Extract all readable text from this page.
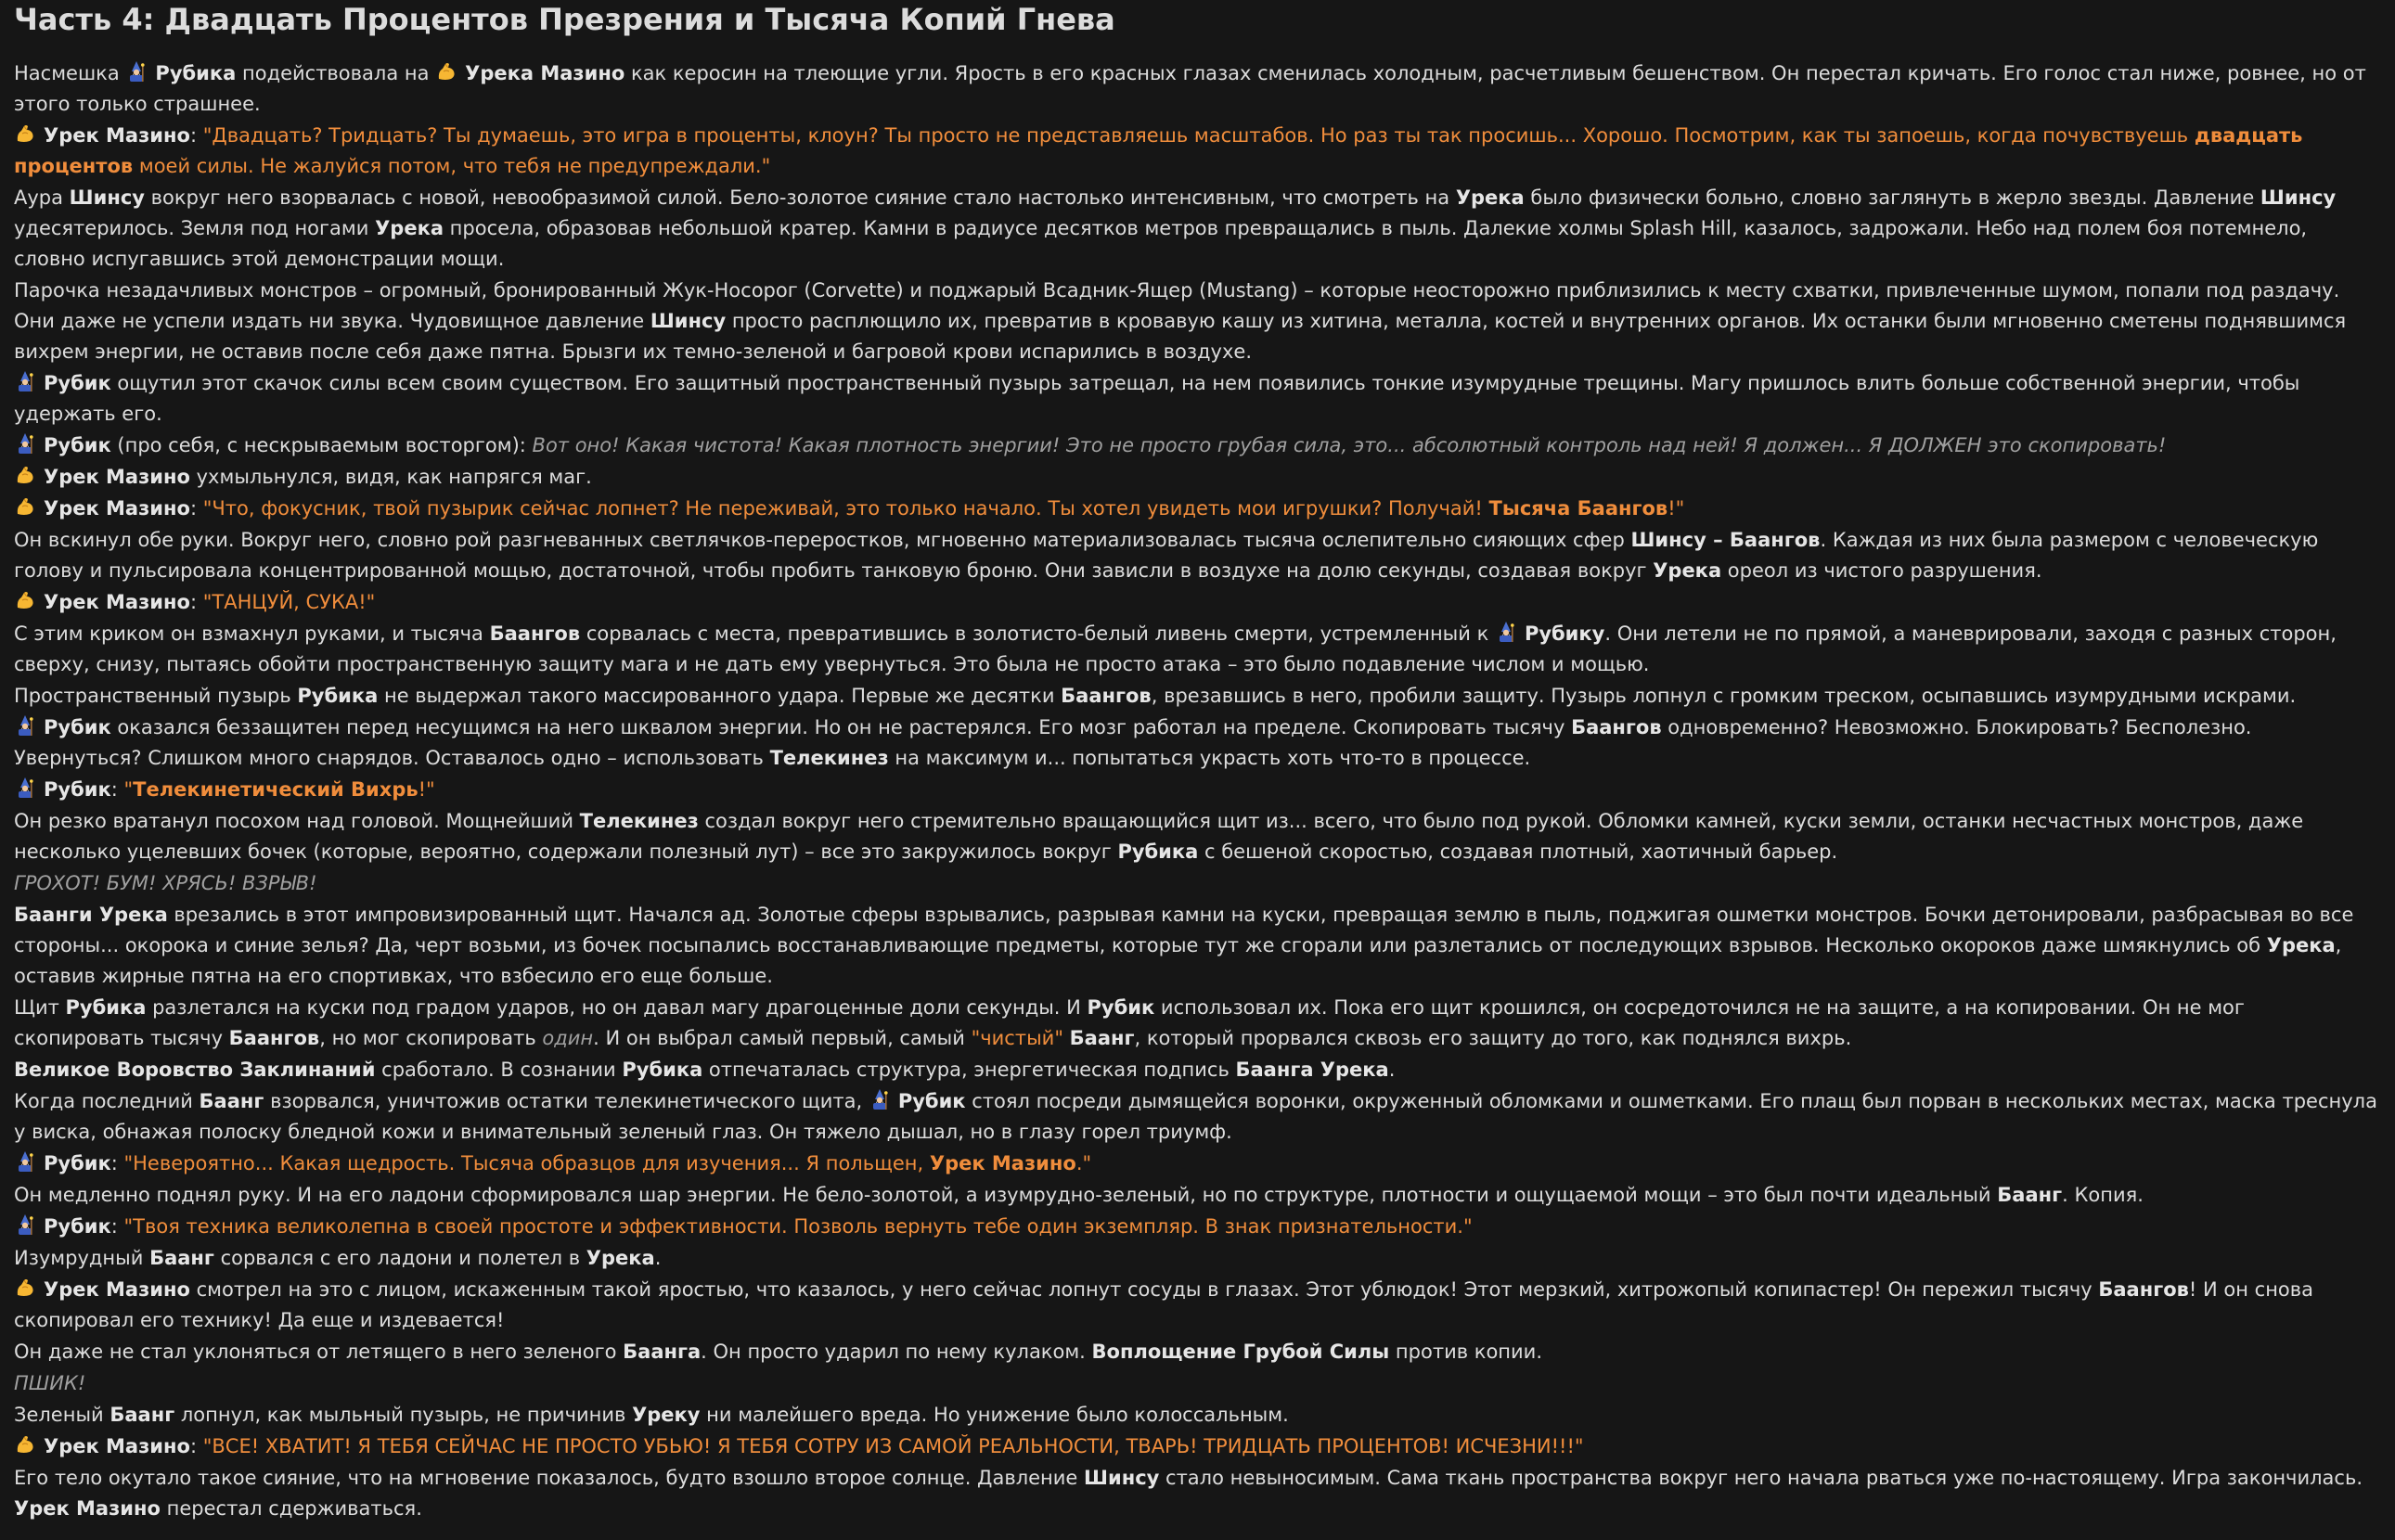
Часть 4: Двадцать Процентов Презрения и Тысяча Копий Гнева

Насмешка
Рубика подействовала на
Урека Мазино как керосин на тлеющие угли. Ярость в его красных глазах сменилась холодным, расчетливым бешенством. Он перестал кричать. Его голос стал ниже, ровнее, но от этого только страшнее.

Урек Мазино: "Двадцать? Тридцать? Ты думаешь, это игра в проценты, клоун? Ты просто не представляешь масштабов. Но раз ты так просишь... Хорошо. Посмотрим, как ты запоешь, когда почувствуешь двадцать процентов моей силы. Не жалуйся потом, что тебя не предупреждали."

Аура Шинсу вокруг него взорвалась с новой, невообразимой силой. Бело-золотое сияние стало настолько интенсивным, что смотреть на Урека было физически больно, словно заглянуть в жерло звезды. Давление Шинсу удесятерилось. Земля под ногами Урека просела, образовав небольшой кратер. Камни в радиусе десятков метров превращались в пыль. Далекие холмы Splash Hill, казалось, задрожали. Небо над полем боя потемнело, словно испугавшись этой демонстрации мощи.

Парочка незадачливых монстров – огромный, бронированный Жук-Носорог (Corvette) и поджарый Всадник-Ящер (Mustang) – которые неосторожно приблизились к месту схватки, привлеченные шумом, попали под раздачу. Они даже не успели издать ни звука. Чудовищное давление Шинсу просто расплющило их, превратив в кровавую кашу из хитина, металла, костей и внутренних органов. Их останки были мгновенно сметены поднявшимся вихрем энергии, не оставив после себя даже пятна. Брызги их темно-зеленой и багровой крови испарились в воздухе.

Рубик ощутил этот скачок силы всем своим существом. Его защитный пространственный пузырь затрещал, на нем появились тонкие изумрудные трещины. Магу пришлось влить больше собственной энергии, чтобы удержать его.

Рубик (про себя, с нескрываемым восторгом): Вот оно! Какая чистота! Какая плотность энергии! Это не просто грубая сила, это... абсолютный контроль над ней! Я должен... Я ДОЛЖЕН это скопировать!

Урек Мазино ухмыльнулся, видя, как напрягся маг.

Урек Мазино: "Что, фокусник, твой пузырик сейчас лопнет? Не переживай, это только начало. Ты хотел увидеть мои игрушки? Получай! Тысяча Баангов!"

Он вскинул обе руки. Вокруг него, словно рой разгневанных светлячков-переростков, мгновенно материализовалась тысяча ослепительно сияющих сфер Шинсу – Баангов. Каждая из них была размером с человеческую голову и пульсировала концентрированной мощью, достаточной, чтобы пробить танковую броню. Они зависли в воздухе на долю секунды, создавая вокруг Урека ореол из чистого разрушения.

Урек Мазино: "ТАНЦУЙ, СУКА!"

С этим криком он взмахнул руками, и тысяча Баангов сорвалась с места, превратившись в золотисто-белый ливень смерти, устремленный к
Рубику. Они летели не по прямой, а маневрировали, заходя с разных сторон, сверху, снизу, пытаясь обойти пространственную защиту мага и не дать ему увернуться. Это была не просто атака – это было подавление числом и мощью.

Пространственный пузырь Рубика не выдержал такого массированного удара. Первые же десятки Баангов, врезавшись в него, пробили защиту. Пузырь лопнул с громким треском, осыпавшись изумрудными искрами.

Рубик оказался беззащитен перед несущимся на него шквалом энергии. Но он не растерялся. Его мозг работал на пределе. Скопировать тысячу Баангов одновременно? Невозможно. Блокировать? Бесполезно. Увернуться? Слишком много снарядов. Оставалось одно – использовать Телекинез на максимум и... попытаться украсть хоть что-то в процессе.

Рубик: "Телекинетический Вихрь!"

Он резко вратанул посохом над головой. Мощнейший Телекинез создал вокруг него стремительно вращающийся щит из... всего, что было под рукой. Обломки камней, куски земли, останки несчастных монстров, даже несколько уцелевших бочек (которые, вероятно, содержали полезный лут) – все это закружилось вокруг Рубика с бешеной скоростью, создавая плотный, хаотичный барьер.

ГРОХОТ! БУМ! ХРЯСЬ! ВЗРЫВ!

Бaанги Урека врезались в этот импровизированный щит. Начался ад. Золотые сферы взрывались, разрывая камни на куски, превращая землю в пыль, поджигая ошметки монстров. Бочки детонировали, разбрасывая во все стороны... окорока и синие зелья? Да, черт возьми, из бочек посыпались восстанавливающие предметы, которые тут же сгорали или разлетались от последующих взрывов. Несколько окороков даже шмякнулись об Урека, оставив жирные пятна на его спортивках, что взбесило его еще больше.

Щит Рубика разлетался на куски под градом ударов, но он давал магу драгоценные доли секунды. И Рубик использовал их. Пока его щит крошился, он сосредоточился не на защите, а на копировании. Он не мог скопировать тысячу Баангов, но мог скопировать один. И он выбрал самый первый, самый "чистый" Баанг, который прорвался сквозь его защиту до того, как поднялся вихрь.

Великое Воровство Заклинаний сработало. В сознании Рубика отпечаталась структура, энергетическая подпись Баанга Урека.

Когда последний Баанг взорвался, уничтожив остатки телекинетического щита,
Рубик стоял посреди дымящейся воронки, окруженный обломками и ошметками. Его плащ был порван в нескольких местах, маска треснула у виска, обнажая полоску бледной кожи и внимательный зеленый глаз. Он тяжело дышал, но в глазу горел триумф.

Рубик: "Невероятно... Какая щедрость. Тысяча образцов для изучения... Я польщен, Урек Мазино."

Он медленно поднял руку. И на его ладони сформировался шар энергии. Не бело-золотой, а изумрудно-зеленый, но по структуре, плотности и ощущаемой мощи – это был почти идеальный Баанг. Копия.

Рубик: "Твоя техника великолепна в своей простоте и эффективности. Позволь вернуть тебе один экземпляр. В знак признательности."

Изумрудный Баанг сорвался с его ладони и полетел в Урека.

Урек Мазино смотрел на это с лицом, искаженным такой яростью, что казалось, у него сейчас лопнут сосуды в глазах. Этот ублюдок! Этот мерзкий, хитрожопый копипастер! Он пережил тысячу Баангов! И он снова скопировал его технику! Да еще и издевается!

Он даже не стал уклоняться от летящего в него зеленого Баанга. Он просто ударил по нему кулаком. Воплощение Грубой Силы против копии.

ПШИК!

Зеленый Баанг лопнул, как мыльный пузырь, не причинив Уреку ни малейшего вреда. Но унижение было колоссальным.

Урек Мазино: "ВСЕ! ХВАТИТ! Я ТЕБЯ СЕЙЧАС НЕ ПРОСТО УБЬЮ! Я ТЕБЯ СОТРУ ИЗ САМОЙ РЕАЛЬНОСТИ, ТВАРЬ! ТРИДЦАТЬ ПРОЦЕНТОВ! ИСЧЕЗНИ!!!"

Его тело окутало такое сияние, что на мгновение показалось, будто взошло второе солнце. Давление Шинсу стало невыносимым. Сама ткань пространства вокруг него начала рваться уже по-настоящему. Игра закончилась. Урек Мазино перестал сдерживаться.
